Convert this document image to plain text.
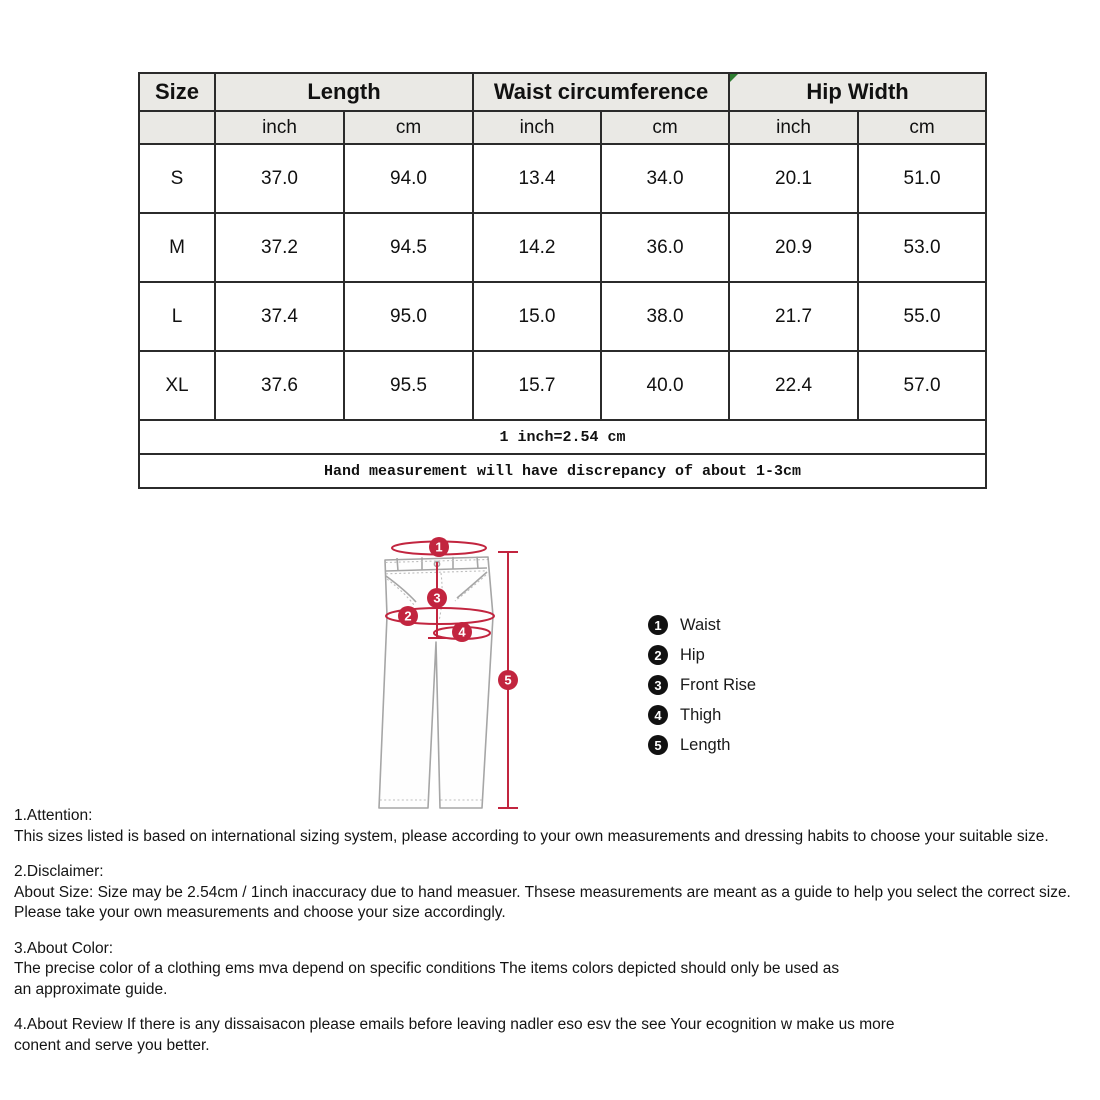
Size	Length		Waist circumference		Hip Width	
	inch	cm	inch	cm	inch	cm
S	37.0	94.0	13.4	34.0	20.1	51.0
M	37.2	94.5	14.2	36.0	20.9	53.0
L	37.4	95.0	15.0	38.0	21.7	55.0
XL	37.6	95.5	15.7	40.0	22.4	57.0
1 inch=2.54 cm						
Hand measurement will have discrepancy of about 1-3cm						
1
2
3
4
5
1	Waist
2	Hip
3	Front Rise
4	Thigh
5	Length
1.Attention:
This sizes listed is based on international sizing system, please according to your own measurements and dressing habits to choose your suitable size.
2.Disclaimer:
About Size: Size may be 2.54cm / 1inch inaccuracy due to hand measuer. Thsese measurements are meant as a guide to help you select the correct size.
Please take your own measurements and choose your size accordingly.
3.About Color:
The precise color of a clothing ems mva depend on specific conditions The items colors depicted should only be used as
an approximate guide.
4.About Review If there is any dissaisacon please emails before leaving nadler eso esv the see Your ecognition w make us more
conent and serve you better.
